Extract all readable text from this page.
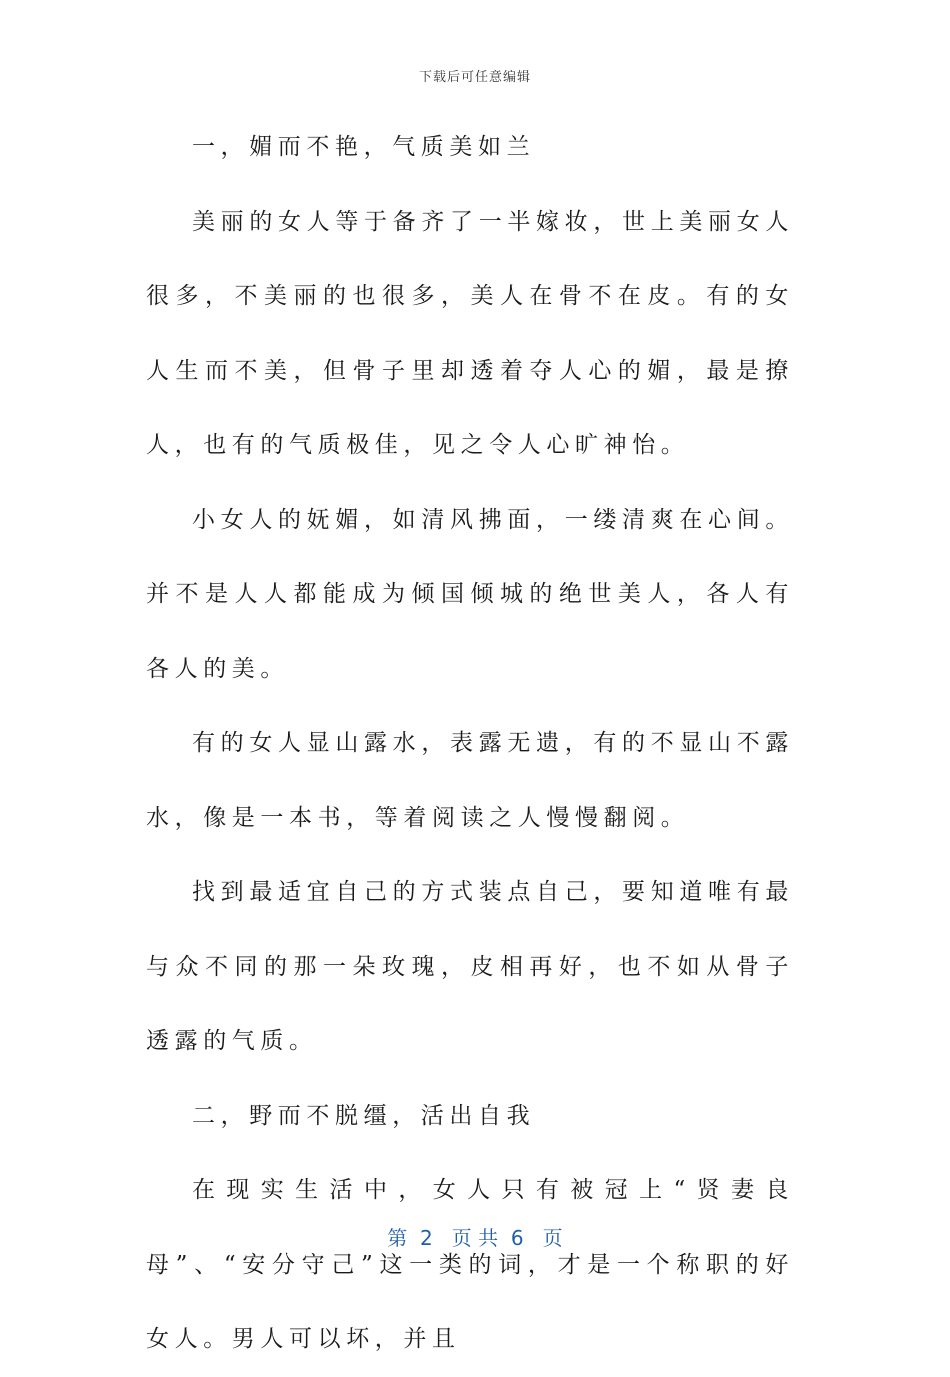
下载后可任意编辑

一，媚而不艳，气质美如兰

美丽的女人等于备齐了一半嫁妆，世上美丽女人很多，不美丽的也很多，美人在骨不在皮。有的女人生而不美，但骨子里却透着夺人心的媚，最是撩人，也有的气质极佳，见之令人心旷神怡。

小女人的妩媚，如清风拂面，一缕清爽在心间。并不是人人都能成为倾国倾城的绝世美人，各人有各人的美。

有的女人显山露水，表露无遗，有的不显山不露水，像是一本书，等着阅读之人慢慢翻阅。

找到最适宜自己的方式装点自己，要知道唯有最与众不同的那一朵玫瑰，皮相再好，也不如从骨子透露的气质。

二，野而不脱缰，活出自我

在现实生活中，女人只有被冠上“贤妻良母”、“安分守己”这一类的词，才是一个称职的好女人。男人可以坏，并且

第  2   页 共  6   页
